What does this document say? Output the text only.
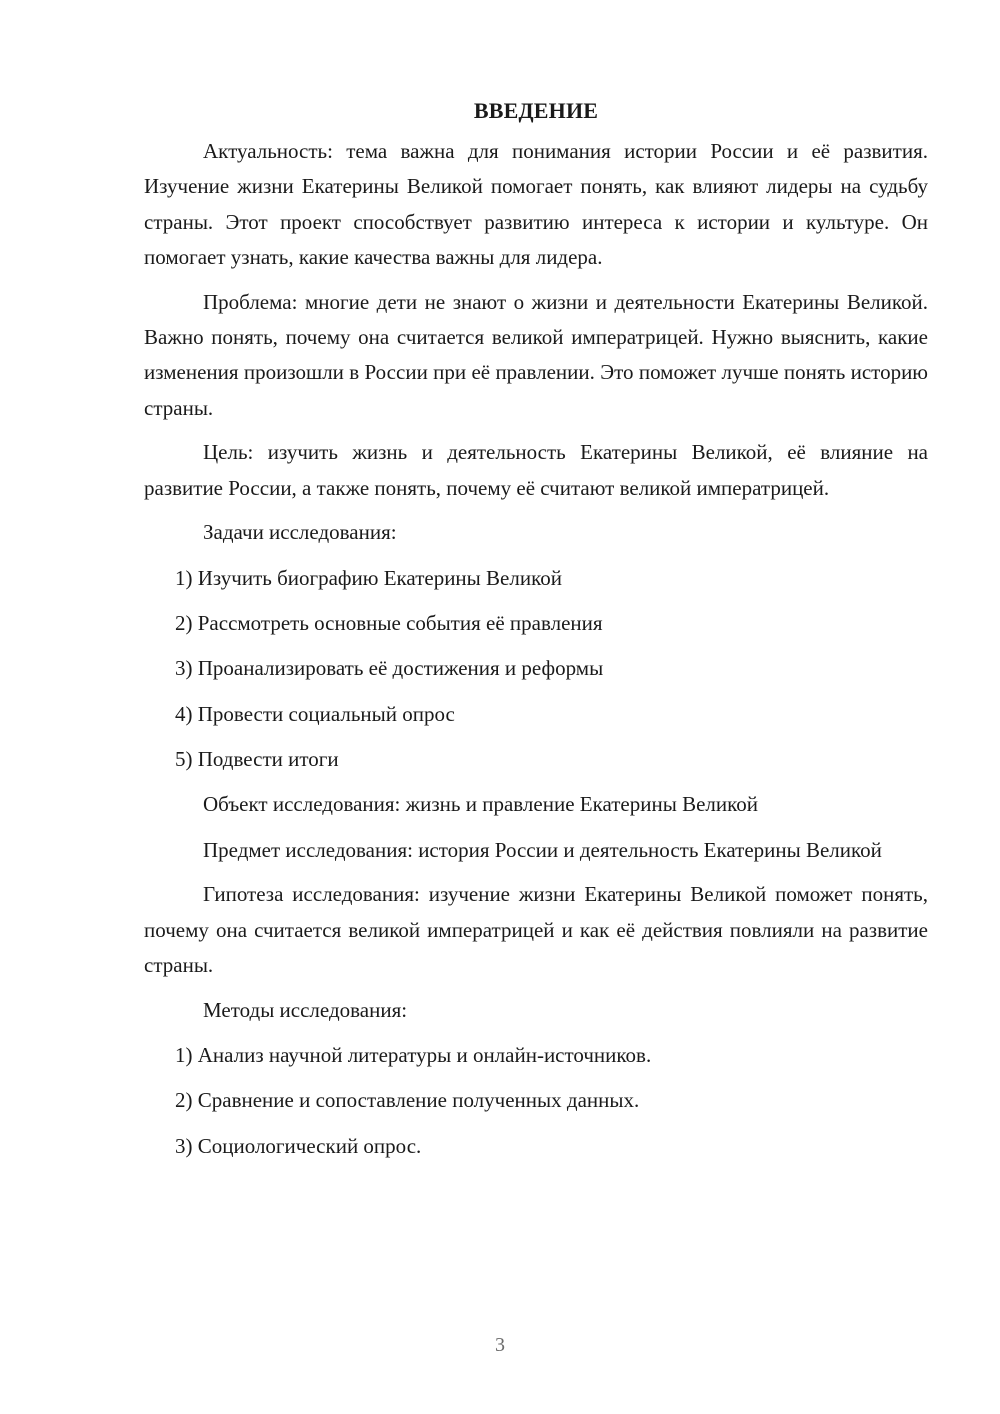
ВВЕДЕНИЕ

Актуальность: тема важна для понимания истории России и её развития. Изучение жизни Екатерины Великой помогает понять, как влияют лидеры на судьбу страны. Этот проект способствует развитию интереса к истории и культуре. Он помогает узнать, какие качества важны для лидера.

Проблема: многие дети не знают о жизни и деятельности Екатерины Великой. Важно понять, почему она считается великой императрицей. Нужно выяснить, какие изменения произошли в России при её правлении. Это поможет лучше понять историю страны.

Цель: изучить жизнь и деятельность Екатерины Великой, её влияние на развитие России, а также понять, почему её считают великой императрицей.

Задачи исследования:
1) Изучить биографию Екатерины Великой
2) Рассмотреть основные события её правления
3) Проанализировать её достижения и реформы
4) Провести социальный опрос
5) Подвести итоги
Объект исследования: жизнь и правление Екатерины Великой

Предмет исследования: история России и деятельность Екатерины Великой

Гипотеза исследования: изучение жизни Екатерины Великой поможет понять, почему она считается великой императрицей и как её действия повлияли на развитие страны.

Методы исследования:
1) Анализ научной литературы и онлайн-источников.
2) Сравнение и сопоставление полученных данных.
3) Социологический опрос.
3
